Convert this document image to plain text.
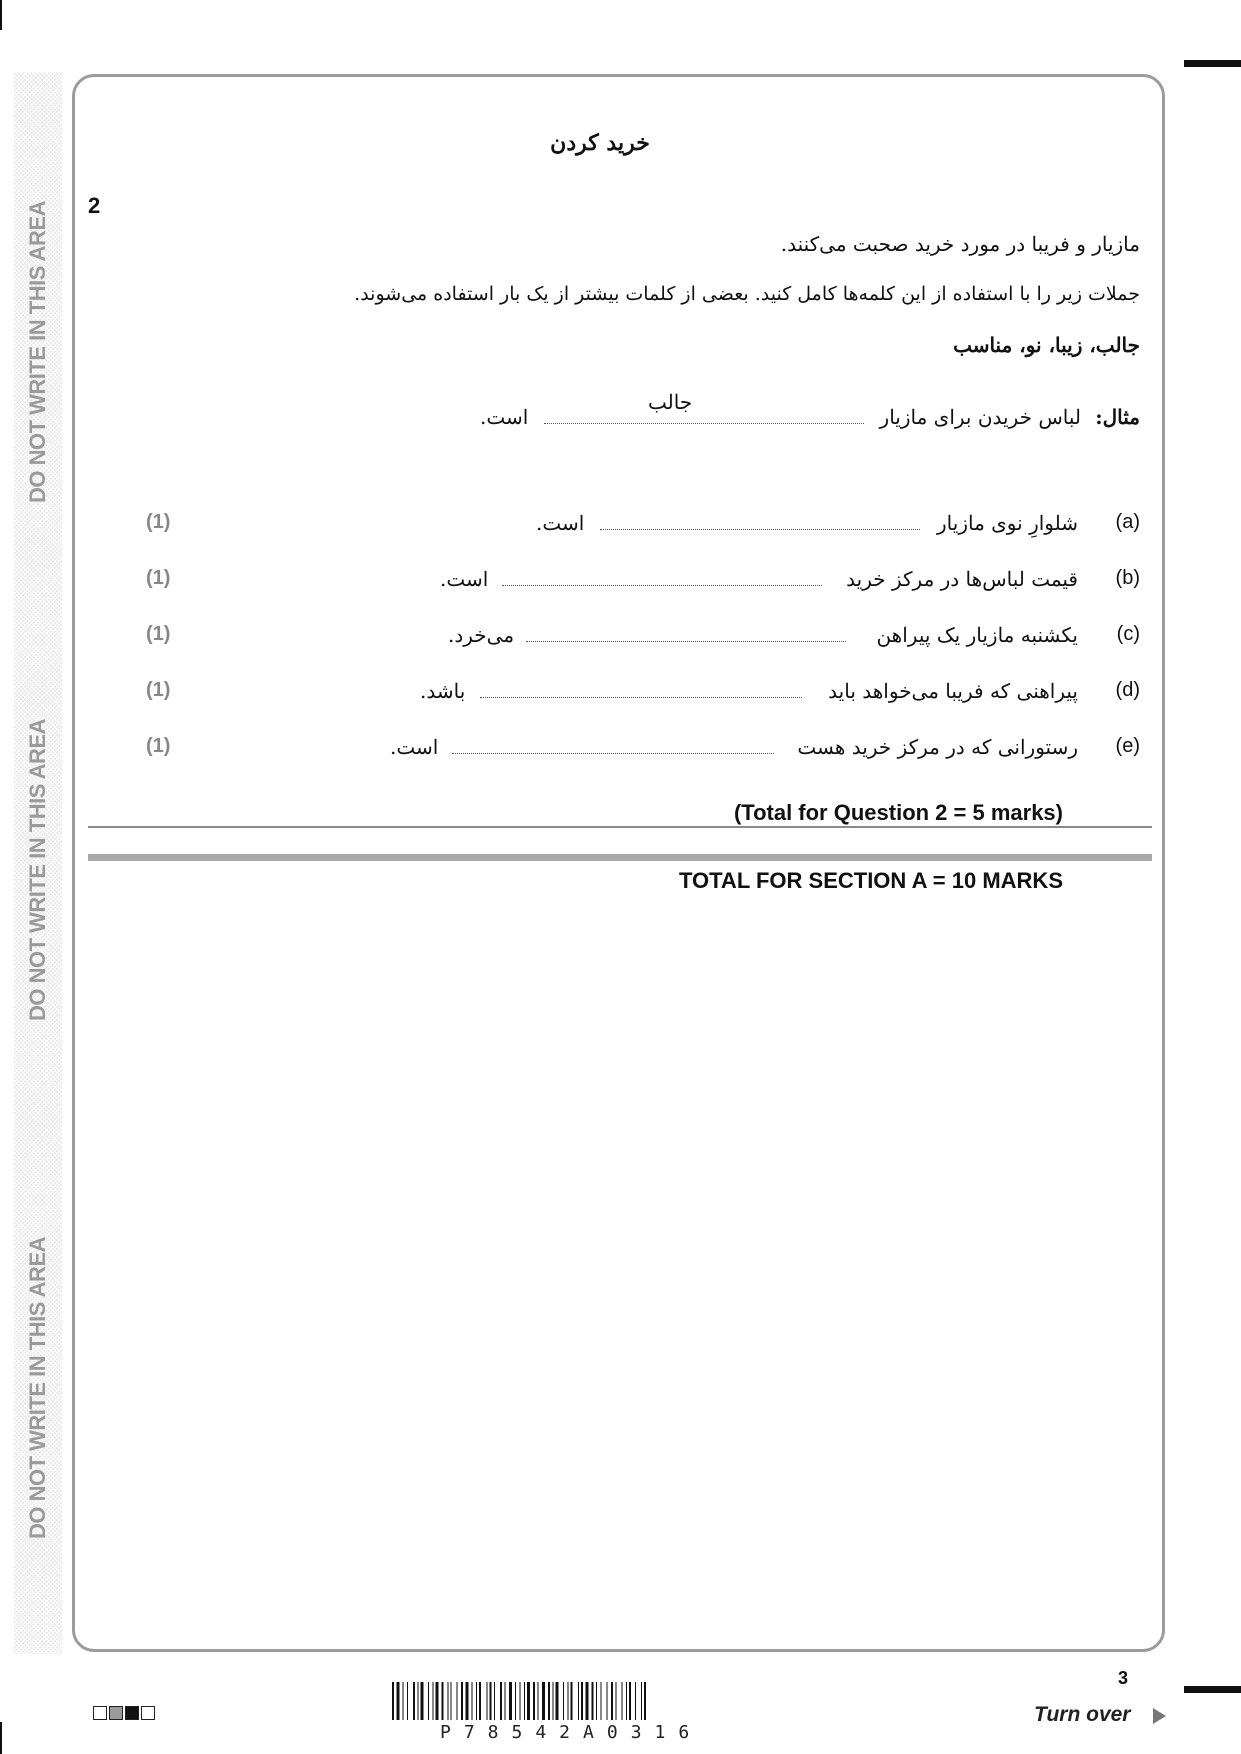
DO NOT WRITE IN THIS AREA
DO NOT WRITE IN THIS AREA
DO NOT WRITE IN THIS AREA
خرید کردن
2
مازیار و فریبا در مورد خرید صحبت می‌کنند.
جملات زیر را با استفاده از این کلمه‌ها کامل کنید. بعضی از کلمات بیشتر از یک بار استفاده می‌شوند.
جالب، زیبا، نو، مناسب
مثال:
لباس خریدن برای مازیار
جالب
است.
(a)
شلوارِ نوی مازیار
است.
(1)
(b)
قیمت لباس‌ها در مرکز خرید
است.
(1)
(c)
یکشنبه مازیار یک پیراهن
می‌خرد.
(1)
(d)
پیراهنی که فریبا می‌خواهد باید
باشد.
(1)
(e)
رستورانی که در مرکز خرید هست
است.
(1)
(Total for Question 2 = 5 marks)
TOTAL FOR SECTION A = 10 MARKS
3
Turn over
P78542A0316
